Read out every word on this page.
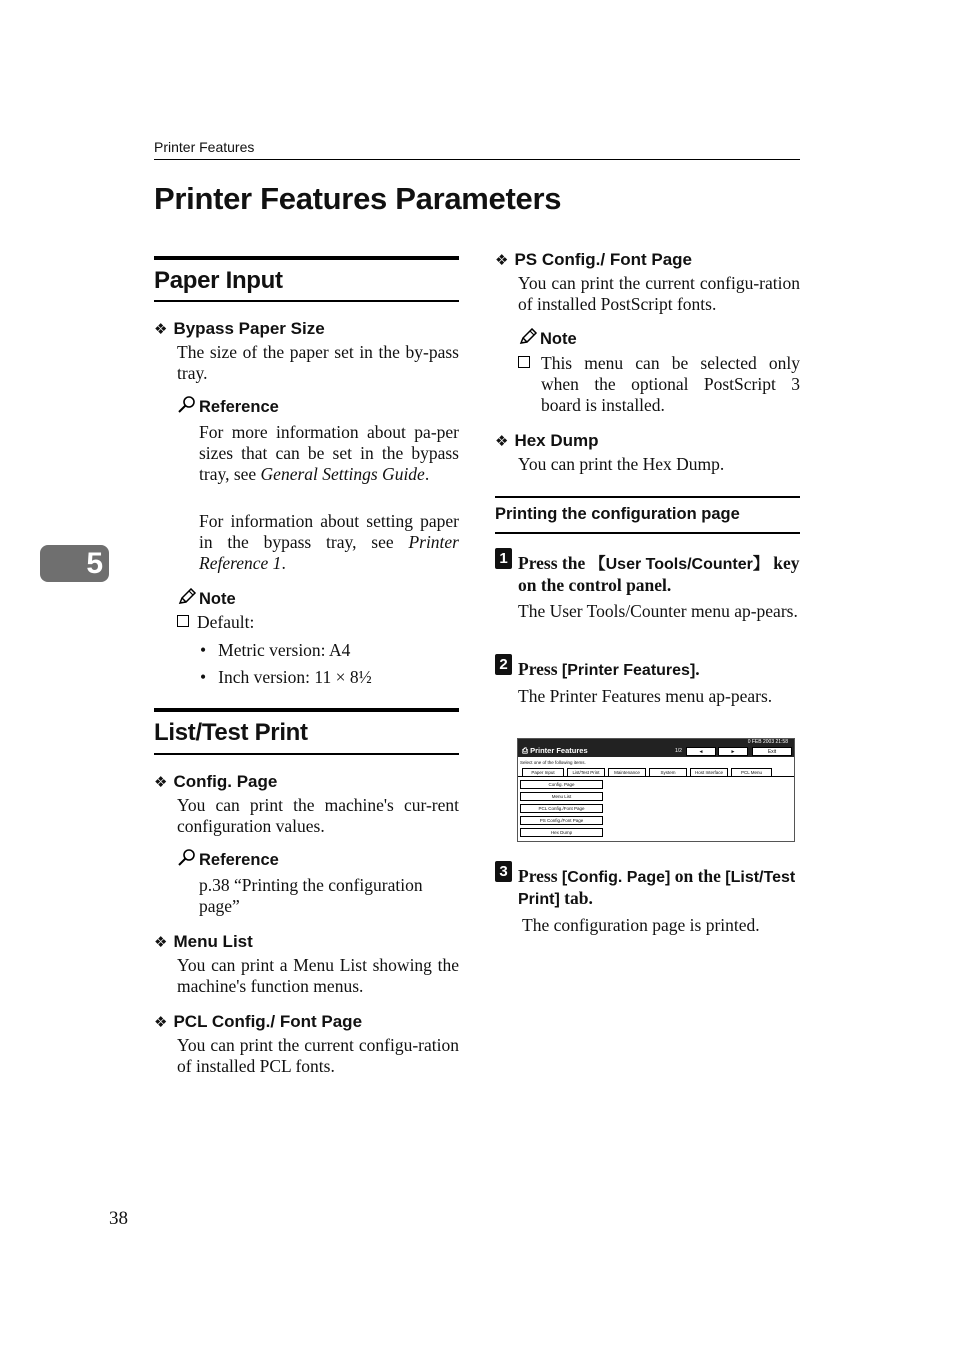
Printer Features
Printer Features Parameters
5
Paper Input
❖ Bypass Paper Size
The size of the paper set in the by-pass tray.
Reference
For more information about pa-per sizes that can be set in the bypass tray, see General Settings Guide.
For information about setting paper in the bypass tray, see Printer Reference 1.
Note
Default:
• Metric version: A4
• Inch version: 11 × 8½
List/Test Print
❖ Config. Page
You can print the machine's cur-rent configuration values.
Reference
p.38 “Printing the configuration page”
❖ Menu List
You can print a Menu List showing the machine's function menus.
❖ PCL Config./ Font Page
You can print the current configu-ration of installed PCL fonts.
❖ PS Config./ Font Page
You can print the current configu-ration of installed PostScript fonts.
Note
This menu can be selected only when the optional PostScript 3 board is installed.
❖ Hex Dump
You can print the Hex Dump.
Printing the configuration page
1 Press the 【User Tools/Counter】 key on the control panel.
The User Tools/Counter menu ap-pears.
2 Press [Printer Features].
The Printer Features menu ap-pears.
0 FEB 2003 21:58
⎙ Printer Features	1/2	◄	►	Exit
Select one of the following items.
Paper Input	List/Test Print	Maintenance	System	Host Interface	PCL Menu
Config. Page
Menu List
PCL Config./Font Page
PS Config./Font Page
Hex Dump
3 Press [Config. Page] on the [List/Test Print] tab.
The configuration page is printed.
38
